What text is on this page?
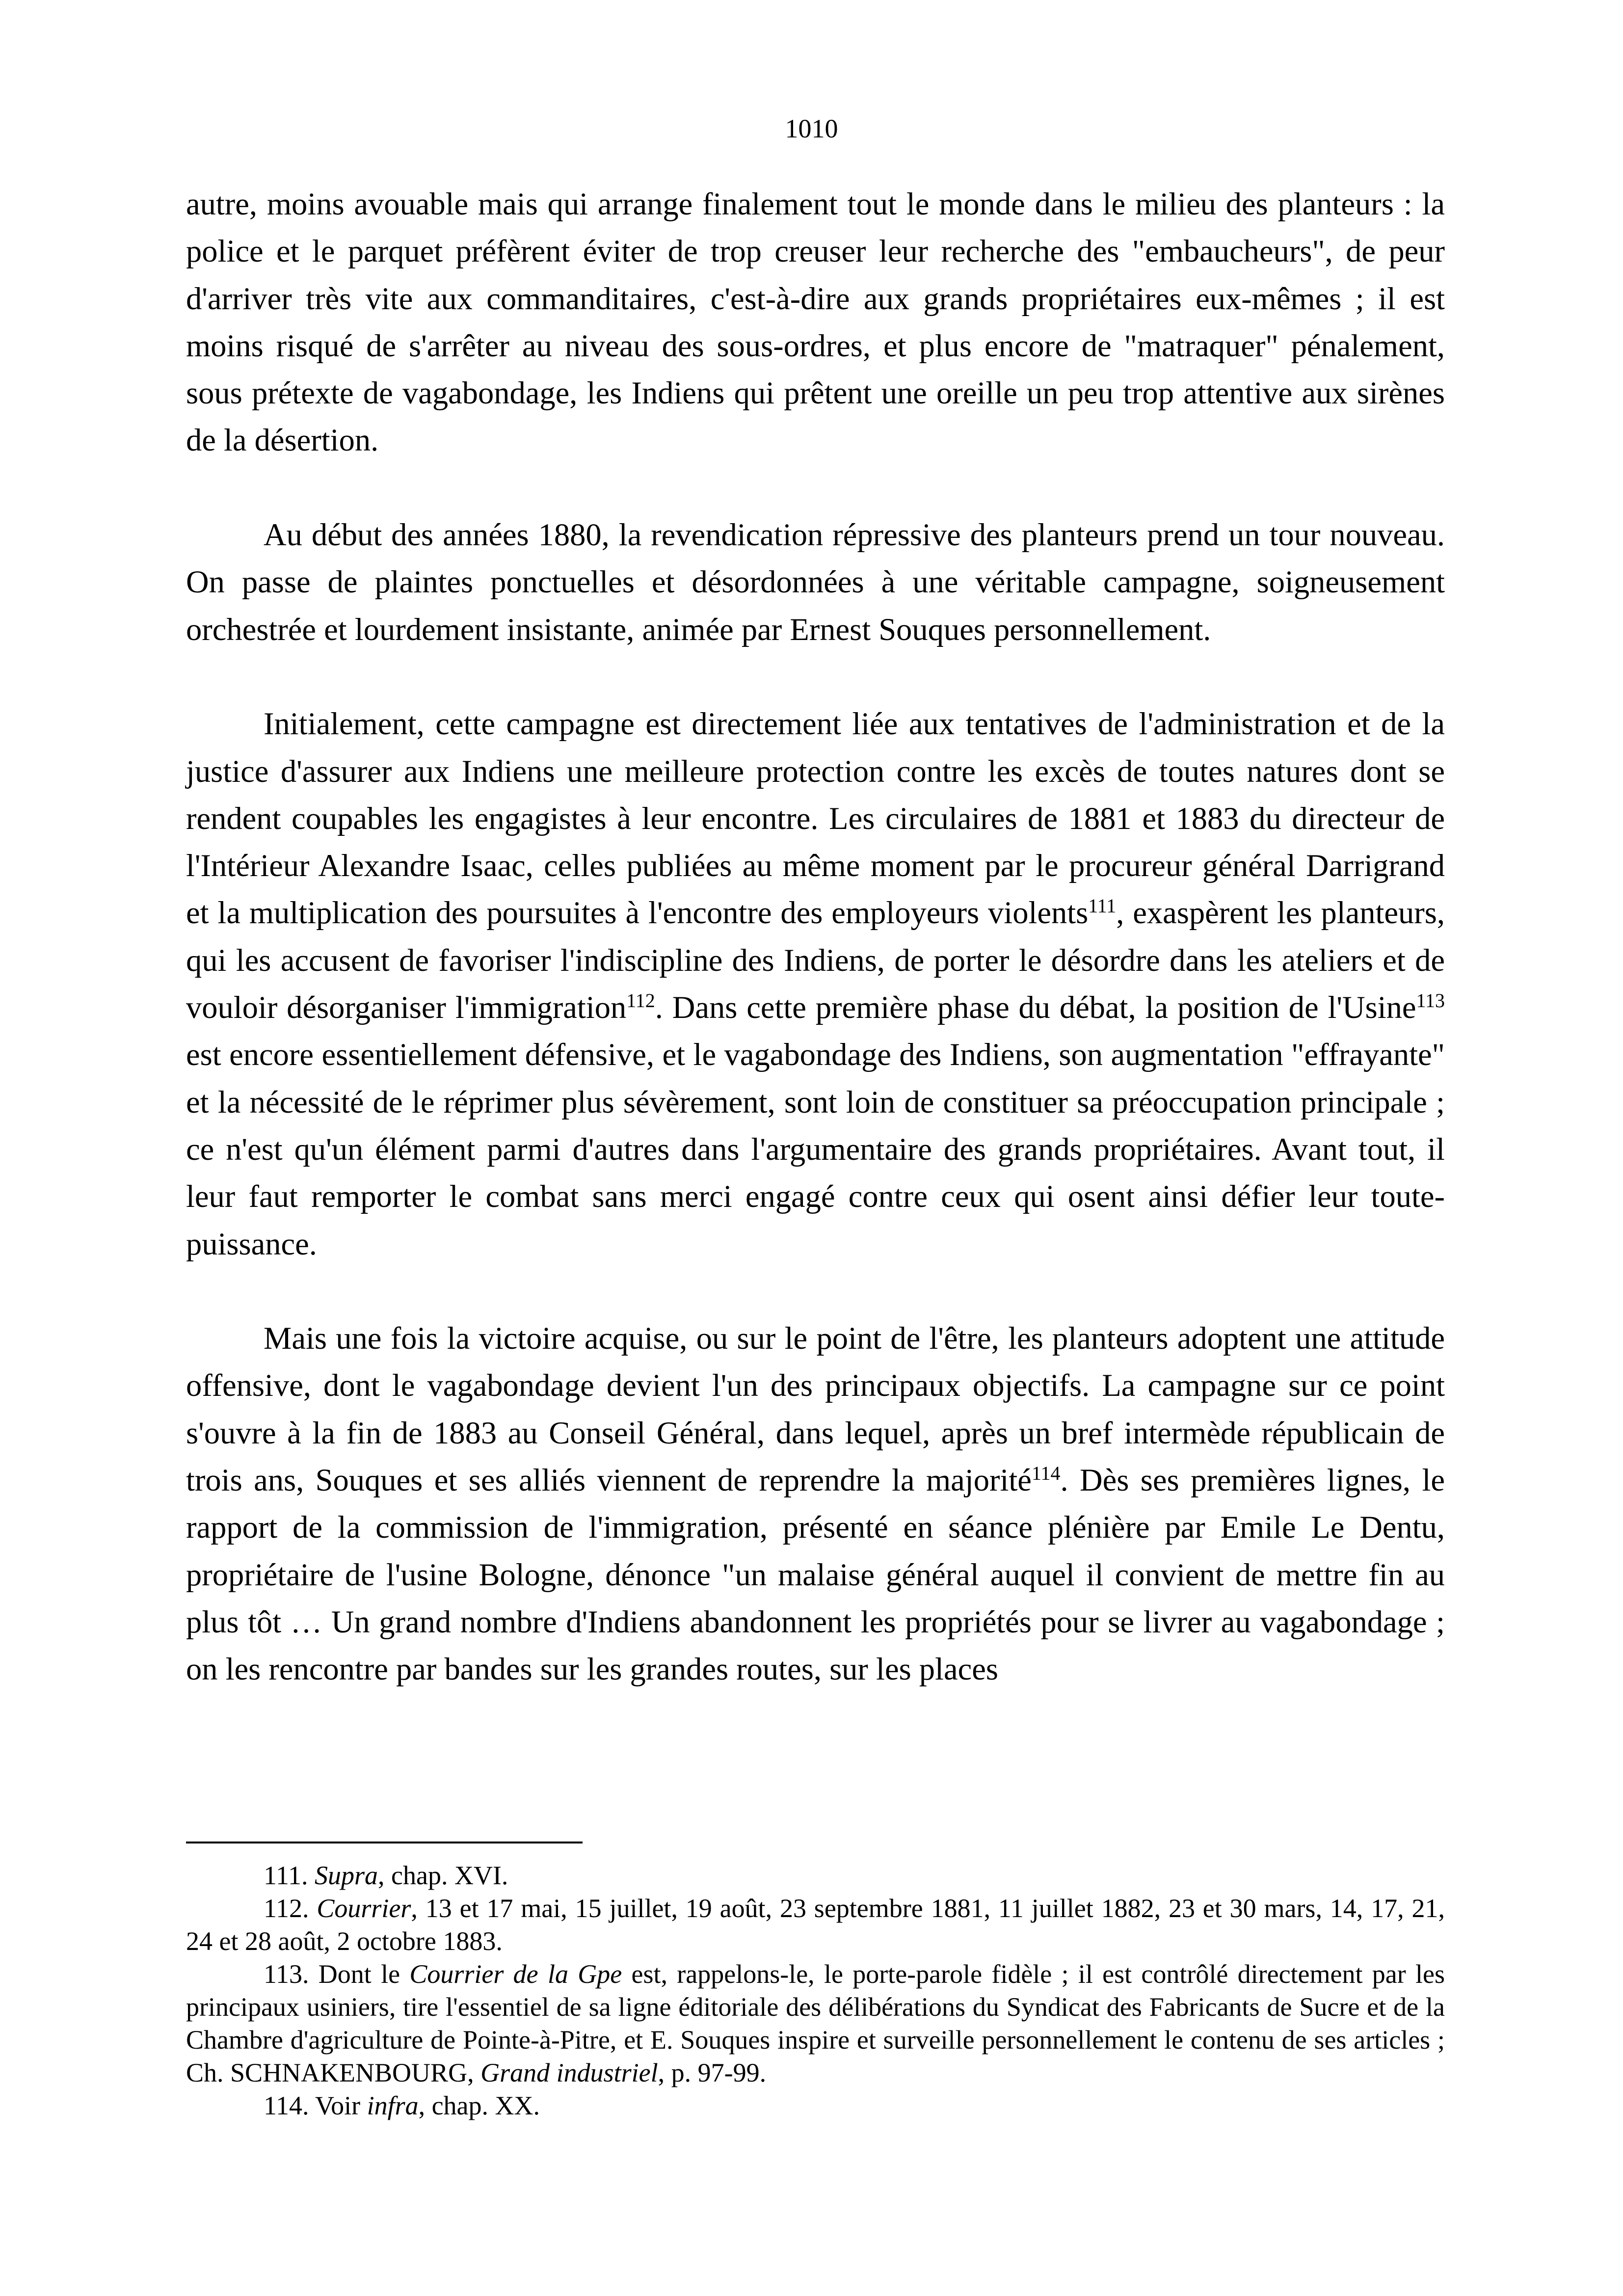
1010

autre, moins avouable mais qui arrange finalement tout le monde dans le milieu des planteurs : la police et le parquet préfèrent éviter de trop creuser leur recherche des "embaucheurs", de peur d'arriver très vite aux commanditaires, c'est-à-dire aux grands propriétaires eux-mêmes ; il est moins risqué de s'arrêter au niveau des sous-ordres, et plus encore de "matraquer" pénalement, sous prétexte de vagabondage, les Indiens qui prêtent une oreille un peu trop attentive aux sirènes de la désertion.

Au début des années 1880, la revendication répressive des planteurs prend un tour nouveau. On passe de plaintes ponctuelles et désordonnées à une véritable campagne, soigneusement orchestrée et lourdement insistante, animée par Ernest Souques personnellement.

Initialement, cette campagne est directement liée aux tentatives de l'administration et de la justice d'assurer aux Indiens une meilleure protection contre les excès de toutes natures dont se rendent coupables les engagistes à leur encontre. Les circulaires de 1881 et 1883 du directeur de l'Intérieur Alexandre Isaac, celles publiées au même moment par le procureur général Darrigrand et la multiplication des poursuites à l'encontre des employeurs violents$^{111}$, exaspèrent les planteurs, qui les accusent de favoriser l'indiscipline des Indiens, de porter le désordre dans les ateliers et de vouloir désorganiser l'immigration$^{112}$. Dans cette première phase du débat, la position de l'Usine$^{113}$ est encore essentiellement défensive, et le vagabondage des Indiens, son augmentation "effrayante" et la nécessité de le réprimer plus sévèrement, sont loin de constituer sa préoccupation principale ; ce n'est qu'un élément parmi d'autres dans l'argumentaire des grands propriétaires. Avant tout, il leur faut remporter le combat sans merci engagé contre ceux qui osent ainsi défier leur toute-puissance.

Mais une fois la victoire acquise, ou sur le point de l'être, les planteurs adoptent une attitude offensive, dont le vagabondage devient l'un des principaux objectifs. La campagne sur ce point s'ouvre à la fin de 1883 au Conseil Général, dans lequel, après un bref intermède républicain de trois ans, Souques et ses alliés viennent de reprendre la majorité$^{114}$. Dès ses premières lignes, le rapport de la commission de l'immigration, présenté en séance plénière par Emile Le Dentu, propriétaire de l'usine Bologne, dénonce "un malaise général auquel il convient de mettre fin au plus tôt … Un grand nombre d'Indiens abandonnent les propriétés pour se livrer au vagabondage ; on les rencontre par bandes sur les grandes routes, sur les places

111. Supra, chap. XVI.

112. Courrier, 13 et 17 mai, 15 juillet, 19 août, 23 septembre 1881, 11 juillet 1882, 23 et 30 mars, 14, 17, 21, 24 et 28 août, 2 octobre 1883.

113. Dont le Courrier de la Gpe est, rappelons-le, le porte-parole fidèle ; il est contrôlé directement par les principaux usiniers, tire l'essentiel de sa ligne éditoriale des délibérations du Syndicat des Fabricants de Sucre et de la Chambre d'agriculture de Pointe-à-Pitre, et E. Souques inspire et surveille personnellement le contenu de ses articles ; Ch. SCHNAKENBOURG, Grand industriel, p. 97-99.

114. Voir infra, chap. XX.
